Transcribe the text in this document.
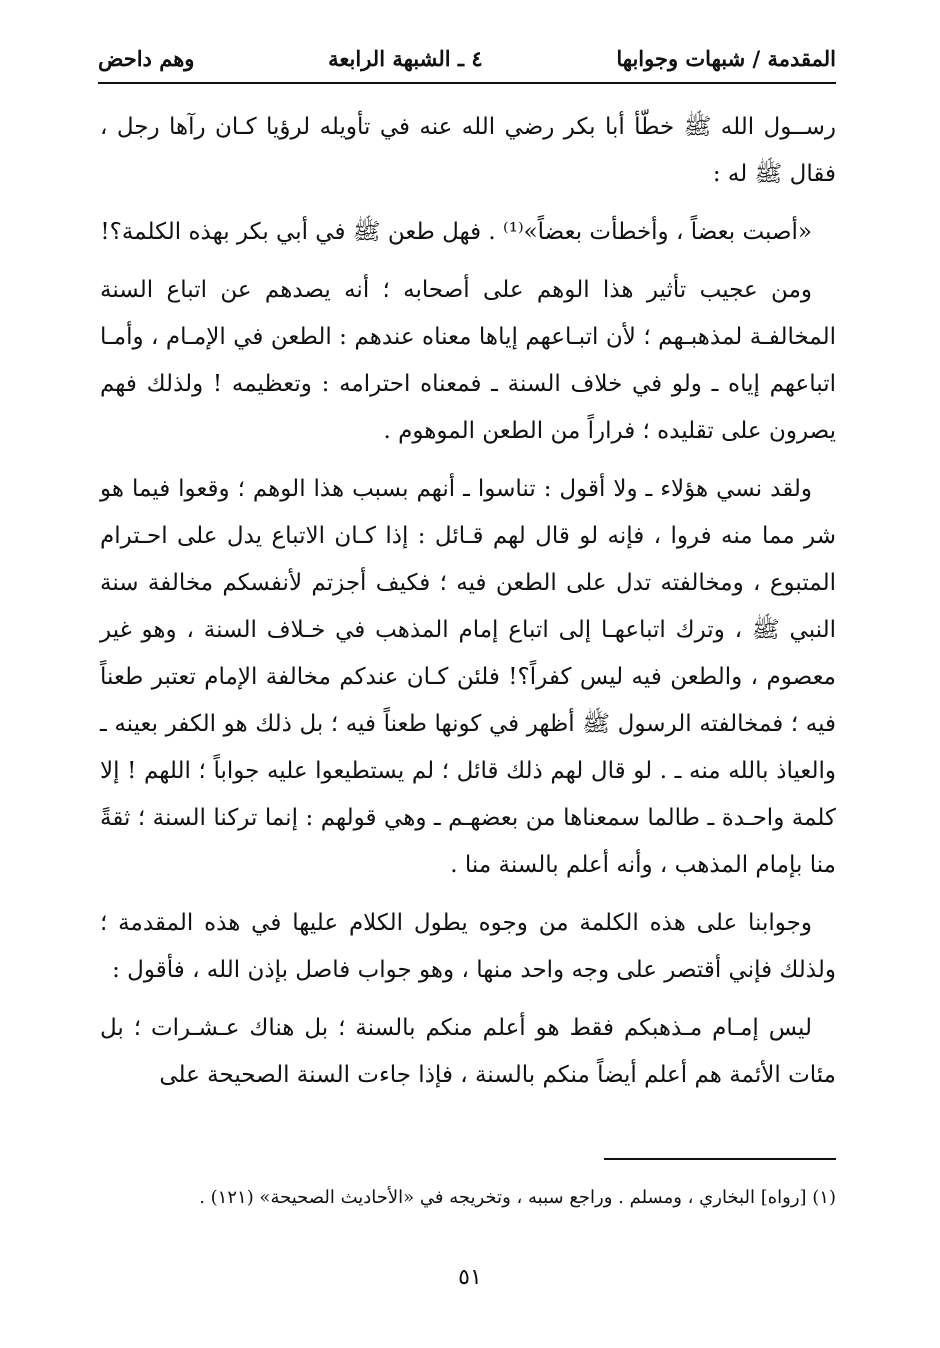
المقدمة / شبهات وجوابها
٤ ـ الشبهة الرابعة
وهم داحض

رســول الله ﷺ خطّأ أبا بكر رضي الله عنه في تأويله لرؤيا كـان رآها رجل ، فقال ﷺ له :

«أصبت بعضاً ، وأخطأت بعضاً»⁽¹⁾ . فهل طعن ﷺ في أبي بكر بهذه الكلمة؟!

ومن عجيب تأثير هذا الوهم على أصحابه ؛ أنه يصدهم عن اتباع السنة المخالفـة لمذهبـهم ؛ لأن اتبـاعهم إياها معناه عندهم : الطعن في الإمـام ، وأمـا اتباعهم إياه ـ ولو في خلاف السنة ـ فمعناه احترامه : وتعظيمه ! ولذلك فهم يصرون على تقليده ؛ فراراً من الطعن الموهوم .

ولقد نسي هؤلاء ـ ولا أقول : تناسوا ـ أنهم بسبب هذا الوهم ؛ وقعوا فيما هو شر مما منه فروا ، فإنه لو قال لهم قـائل : إذا كـان الاتباع يدل على احـترام المتبوع ، ومخالفته تدل على الطعن فيه ؛ فكيف أجزتم لأنفسكم مخالفة سنة النبي ﷺ ، وترك اتباعهـا إلى اتباع إمام المذهب في خـلاف السنة ، وهو غير معصوم ، والطعن فيه ليس كفراً؟! فلئن كـان عندكم مخالفة الإمام تعتبر طعناً فيه ؛ فمخالفته الرسول ﷺ أظهر في كونها طعناً فيه ؛ بل ذلك هو الكفر بعينه ـ والعياذ بالله منه ـ . لو قال لهم ذلك قائل ؛ لم يستطيعوا عليه جواباً ؛ اللهم ! إلا كلمة واحـدة ـ طالما سمعناها من بعضهـم ـ وهي قولهم : إنما تركنا السنة ؛ ثقةً منا بإمام المذهب ، وأنه أعلم بالسنة منا .

وجوابنا على هذه الكلمة من وجوه يطول الكلام عليها في هذه المقدمة ؛ ولذلك فإني أقتصر على وجه واحد منها ، وهو جواب فاصل بإذن الله ، فأقول :

ليس إمـام مـذهبكم فقط هو أعلم منكم بالسنة ؛ بل هناك عـشـرات ؛ بل مئات الأئمة هم أعلم أيضاً منكم بالسنة ، فإذا جاءت السنة الصحيحة على

(١) [رواه] البخاري ، ومسلم . وراجع سببه ، وتخريجه في «الأحاديث الصحيحة» (١٢١) .
٥١
